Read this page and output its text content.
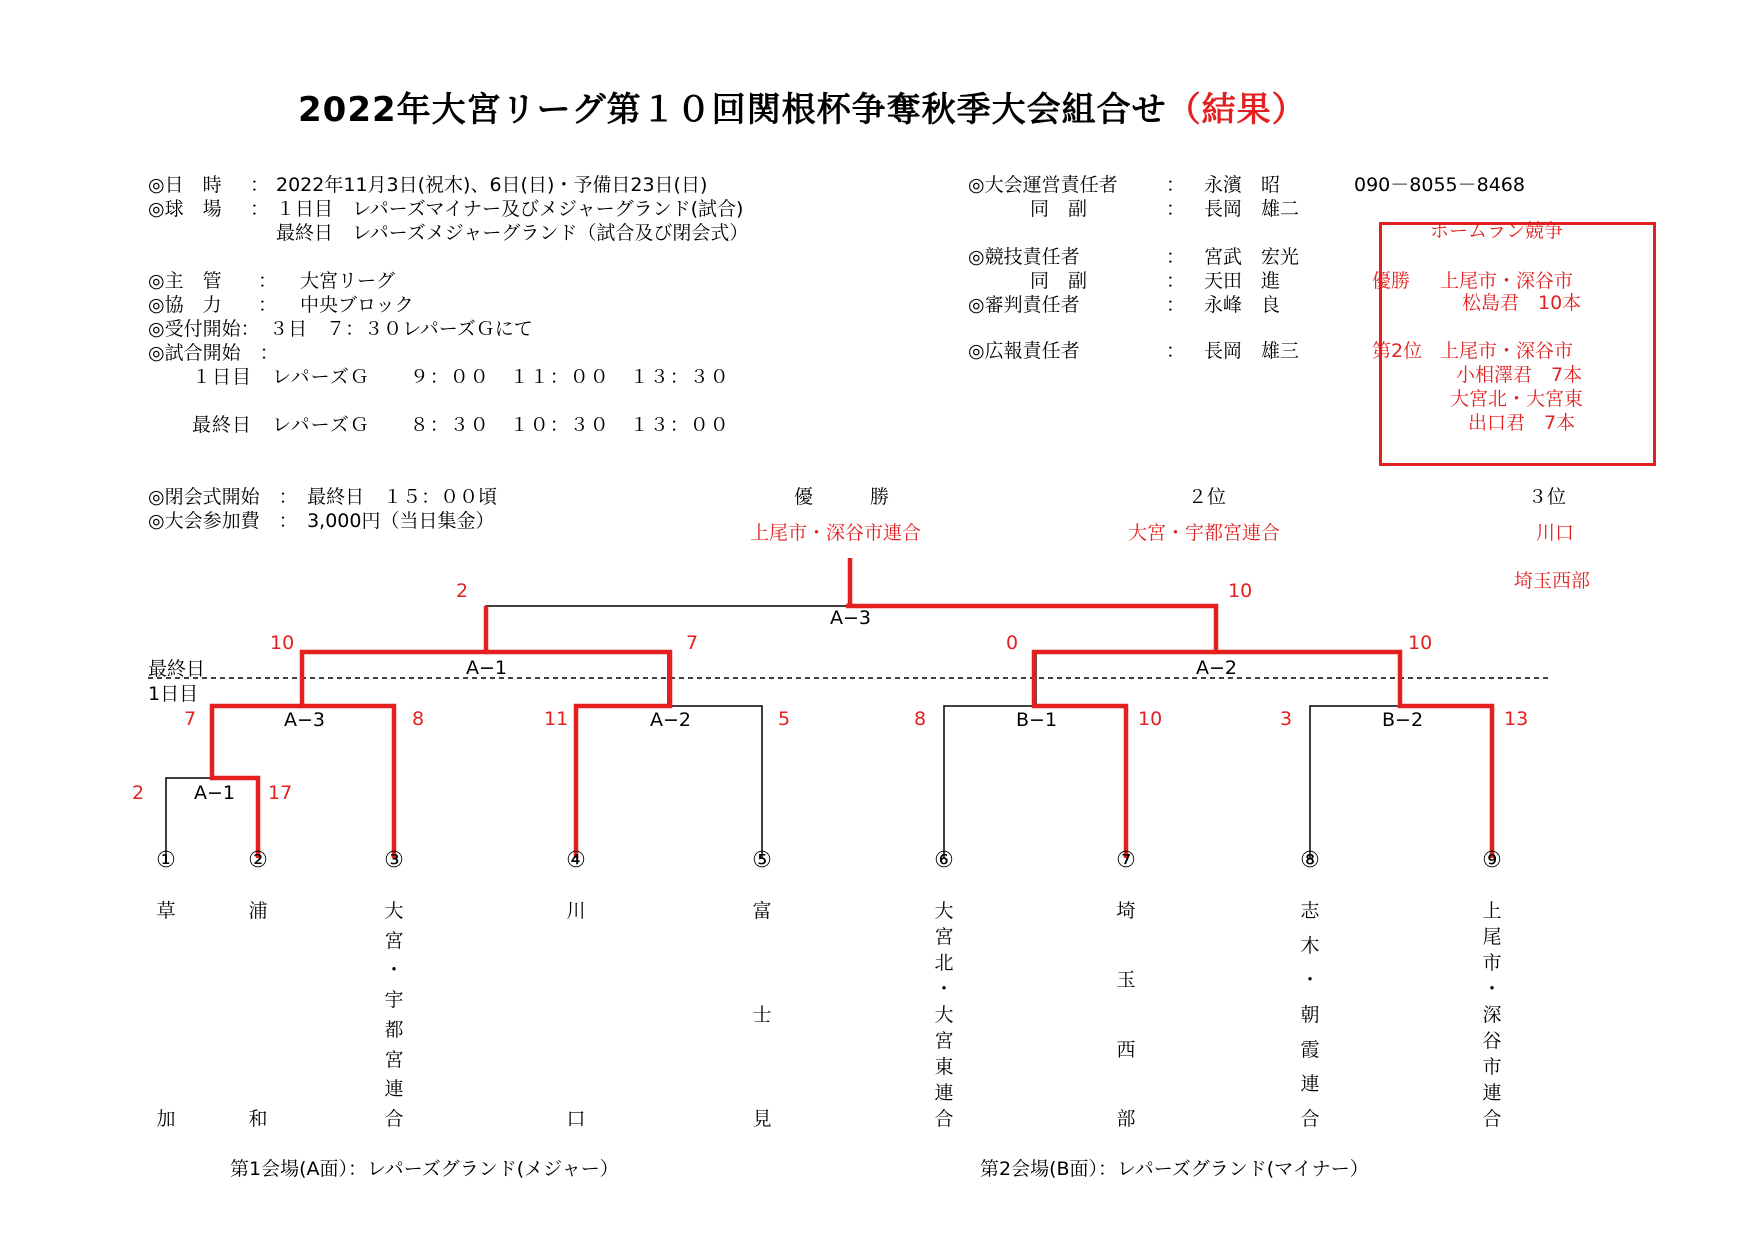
2022年大宮リーグ第１０回関根杯争奪秋季大会組合せ（結果）
◎日　時 ： 2022年11月3日(祝木)、6日(日)・予備日23日(日)
◎球　場 ： １日目　レパーズマイナー及びメジャーグランド(試合)
最終日　レパーズメジャーグランド（試合及び閉会式）
◎主　管 ： 大宮リーグ
◎協　力 ： 中央ブロック
◎受付開始：　３日　７：３０レパーズＧにて
◎試合開始　：
１日目　レパーズＧ　　９：００　１１：００　１３：３０
最終日　レパーズＧ　　８：３０　１０：３０　１３：００
◎閉会式開始　：　最終日　１５：００頃
◎大会参加費　：　3,000円（当日集金）
◎大会運営責任者	： 永濱　昭	090－8055－8468
同　副	： 長岡　雄二
◎競技責任者	： 宮武　宏光
同　副	： 天田　進
◎審判責任者	： 永峰　良
◎広報責任者	： 長岡　雄三
ホームラン競争
優勝 上尾市・深谷市
松島君　10本
第2位 上尾市・深谷市
小相澤君　7本
大宮北・大宮東
出口君　7本
優　　　勝
上尾市・深谷市連合
２位
大宮・宇都宮連合
３位
川口
埼玉西部
最終日
1日目
A−3
A−1	A−2
A−3	A−2	B−1	B−2
A−1
2	10
10	7	0	10
7	8	11	5	8	10	3	13
2	17
①
草
加
②
浦
和
③
大
宮
・
宇
都
宮
連
合
④
川
口
⑤
富
士
見
⑥
大
宮
北
・
大
宮
東
連
合
⑦
埼
玉
西
部
⑧
志
木
・
朝
霞
連
合
⑨
上
尾
市
・
深
谷
市
連
合
第1会場(A面）：レパーズグランド(メジャー）	第2会場(B面）：レパーズグランド(マイナー）
